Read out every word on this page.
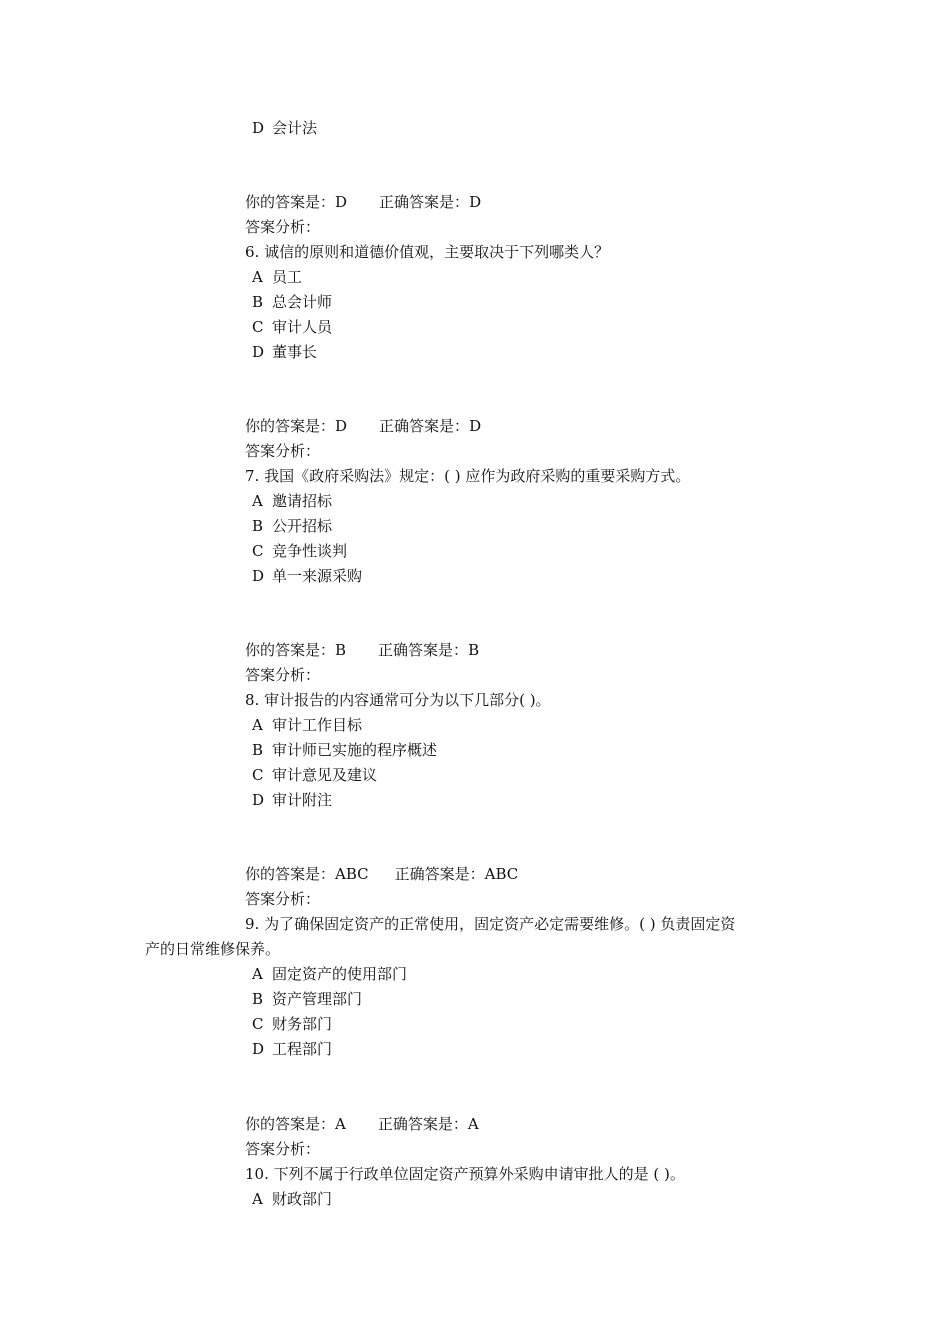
D 会计法
你的答案是：D 正确答案是：D
答案分析：
6. 诚信的原则和道德价值观，主要取决于下列哪类人？
A 员工
B 总会计师
C 审计人员
D 董事长
你的答案是：D 正确答案是：D
答案分析：
7. 我国《政府采购法》规定：( ) 应作为政府采购的重要采购方式。
A 邀请招标
B 公开招标
C 竞争性谈判
D 单一来源采购
你的答案是：B 正确答案是：B
答案分析：
8. 审计报告的内容通常可分为以下几部分( )。
A 审计工作目标
B 审计师已实施的程序概述
C 审计意见及建议
D 审计附注
你的答案是：ABC 正确答案是：ABC
答案分析：
9. 为了确保固定资产的正常使用，固定资产必定需要维修。( ) 负责固定资
产的日常维修保养。
A 固定资产的使用部门
B 资产管理部门
C 财务部门
D 工程部门
你的答案是：A 正确答案是：A
答案分析：
10. 下列不属于行政单位固定资产预算外采购申请审批人的是 ( )。
A 财政部门
